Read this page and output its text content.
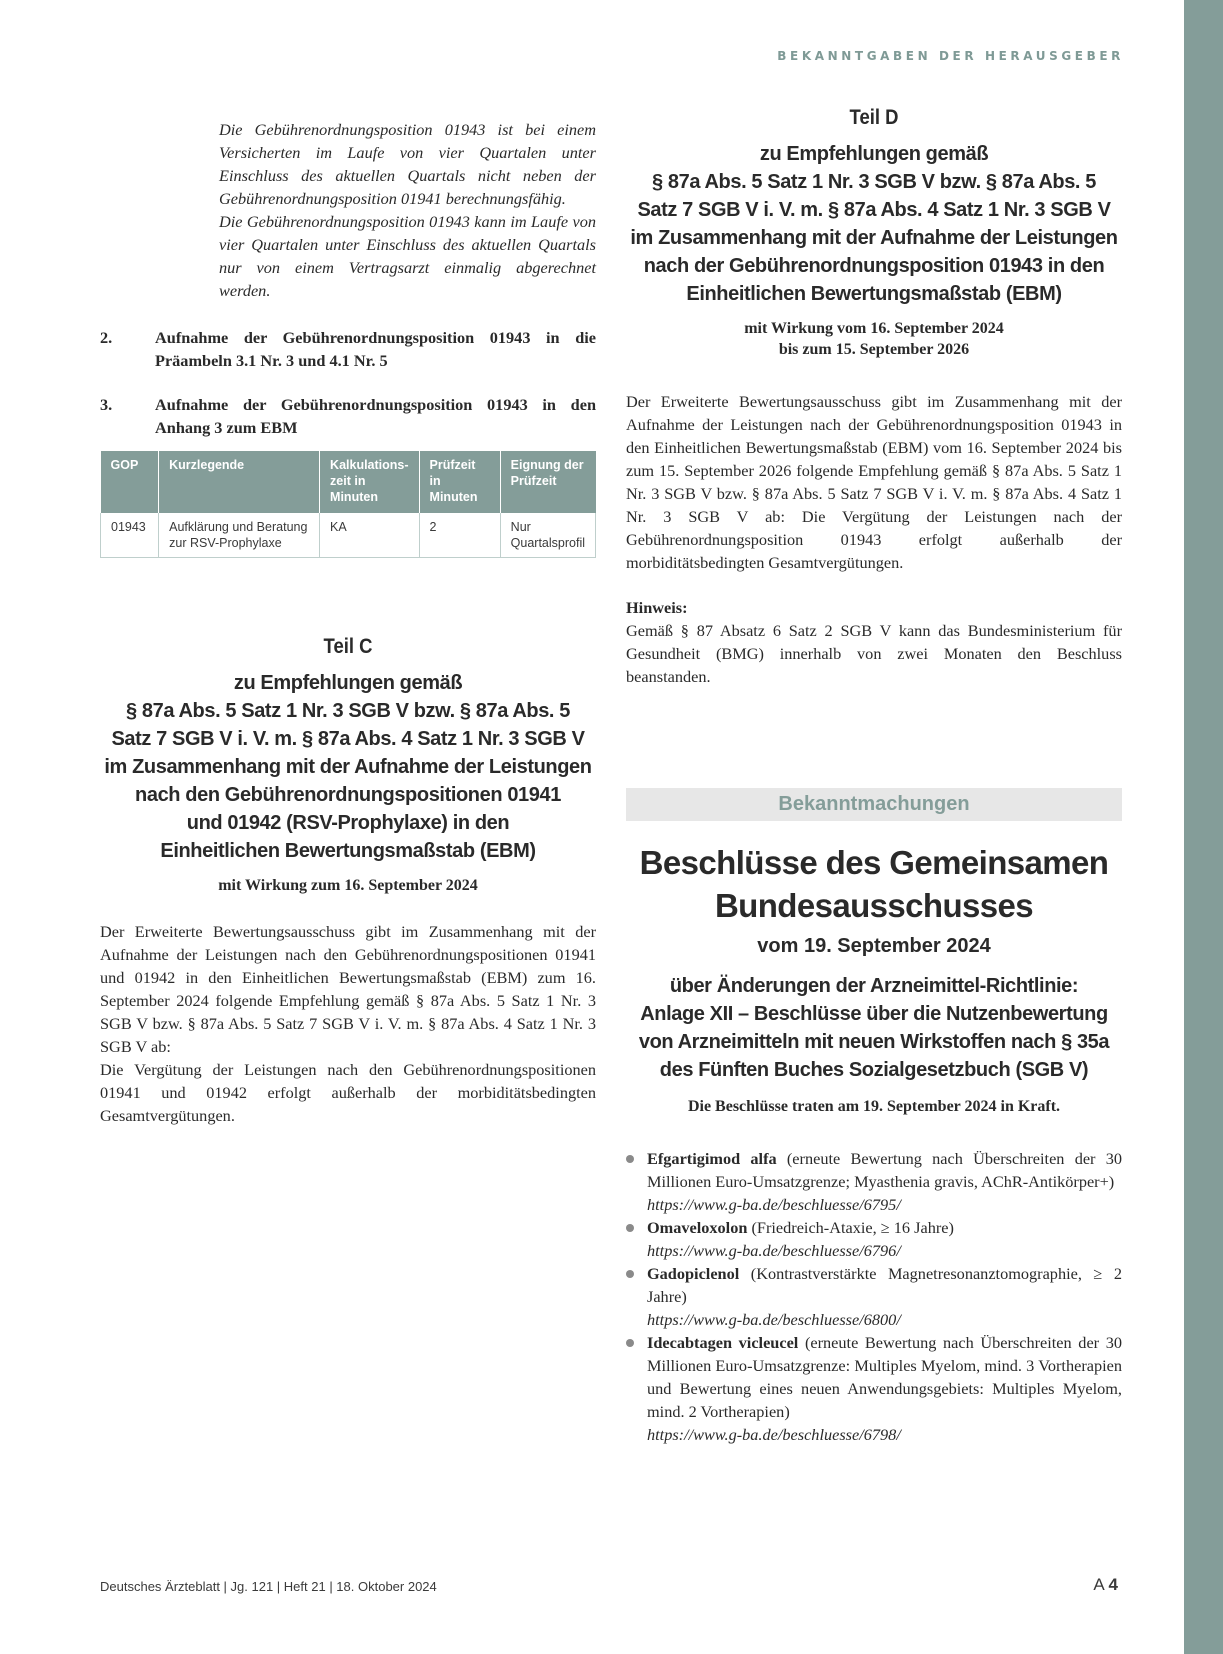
BEKANNTGABEN DER HERAUSGEBER

Die Gebührenordnungsposition 01943 ist bei einem Versicherten im Laufe von vier Quartalen unter Einschluss des aktuellen Quartals nicht neben der Gebührenordnungsposition 01941 berechnungsfähig.

Die Gebührenordnungsposition 01943 kann im Laufe von vier Quartalen unter Einschluss des aktuellen Quartals nur von einem Vertragsarzt einmalig abgerechnet werden.

2.	Aufnahme der Gebührenordnungsposition 01943 in die Präambeln 3.1 Nr. 3 und 4.1 Nr. 5
3.	Aufnahme der Gebührenordnungsposition 01943 in den Anhang 3 zum EBM
GOP	Kurzlegende	Kalkulations-zeit in Minuten	Prüfzeit in Minuten	Eignung der Prüfzeit
01943	Aufklärung und Beratung zur RSV-Prophylaxe	KA	2	Nur Quartalsprofil
Teil C
zu Empfehlungen gemäß
§ 87a Abs. 5 Satz 1 Nr. 3 SGB V bzw. § 87a Abs. 5
Satz 7 SGB V i. V. m. § 87a Abs. 4 Satz 1 Nr. 3 SGB V
im Zusammenhang mit der Aufnahme der Leistungen
nach den Gebührenordnungspositionen 01941
und 01942 (RSV-Prophylaxe) in den
Einheitlichen Bewertungsmaßstab (EBM)
mit Wirkung zum 16. September 2024

Der Erweiterte Bewertungsausschuss gibt im Zusammenhang mit der Aufnahme der Leistungen nach den Gebührenordnungspositionen 01941 und 01942 in den Einheitlichen Bewertungsmaßstab (EBM) zum 16. September 2024 folgende Empfehlung gemäß § 87a Abs. 5 Satz 1 Nr. 3 SGB V bzw. § 87a Abs. 5 Satz 7 SGB V i. V. m. § 87a Abs. 4 Satz 1 Nr. 3 SGB V ab:

Die Vergütung der Leistungen nach den Gebührenordnungspositionen 01941 und 01942 erfolgt außerhalb der morbiditätsbedingten Gesamtvergütungen.

Teil D
zu Empfehlungen gemäß
§ 87a Abs. 5 Satz 1 Nr. 3 SGB V bzw. § 87a Abs. 5
Satz 7 SGB V i. V. m. § 87a Abs. 4 Satz 1 Nr. 3 SGB V
im Zusammenhang mit der Aufnahme der Leistungen
nach der Gebührenordnungsposition 01943 in den
Einheitlichen Bewertungsmaßstab (EBM)
mit Wirkung vom 16. September 2024
bis zum 15. September 2026

Der Erweiterte Bewertungsausschuss gibt im Zusammenhang mit der Aufnahme der Leistungen nach der Gebührenordnungsposition 01943 in den Einheitlichen Bewertungsmaßstab (EBM) vom 16. September 2024 bis zum 15. September 2026 folgende Empfehlung gemäß § 87a Abs. 5 Satz 1 Nr. 3 SGB V bzw. § 87a Abs. 5 Satz 7 SGB V i. V. m. § 87a Abs. 4 Satz 1 Nr. 3 SGB V ab: Die Vergütung der Leistungen nach der Gebührenordnungsposition 01943 erfolgt außerhalb der morbiditätsbedingten Gesamtvergütungen.

Hinweis:

Gemäß § 87 Absatz 6 Satz 2 SGB V kann das Bundesministerium für Gesundheit (BMG) innerhalb von zwei Monaten den Beschluss beanstanden.

Bekanntmachungen
Beschlüsse des Gemeinsamen
Bundesausschusses
vom 19. September 2024
über Änderungen der Arzneimittel-Richtlinie:
Anlage XII – Beschlüsse über die Nutzenbewertung
von Arzneimitteln mit neuen Wirkstoffen nach § 35a
des Fünften Buches Sozialgesetzbuch (SGB V)
Die Beschlüsse traten am 19. September 2024 in Kraft.
Efgartigimod alfa (erneute Bewertung nach Überschreiten der 30 Millionen Euro-Umsatzgrenze; Myasthenia gravis, AChR-Antikörper+)
https://www.g-ba.de/beschluesse/6795/
Omaveloxolon (Friedreich-Ataxie, ≥ 16 Jahre)
https://www.g-ba.de/beschluesse/6796/
Gadopiclenol (Kontrastverstärkte Magnetresonanztomographie, ≥ 2 Jahre)
https://www.g-ba.de/beschluesse/6800/
Idecabtagen vicleucel (erneute Bewertung nach Überschreiten der 30 Millionen Euro-Umsatzgrenze: Multiples Myelom, mind. 3 Vortherapien und Bewertung eines neuen Anwendungsgebiets: Multiples Myelom, mind. 2 Vortherapien)
https://www.g-ba.de/beschluesse/6798/
Deutsches Ärzteblatt | Jg. 121 | Heft 21 | 18. Oktober 2024	A 4
